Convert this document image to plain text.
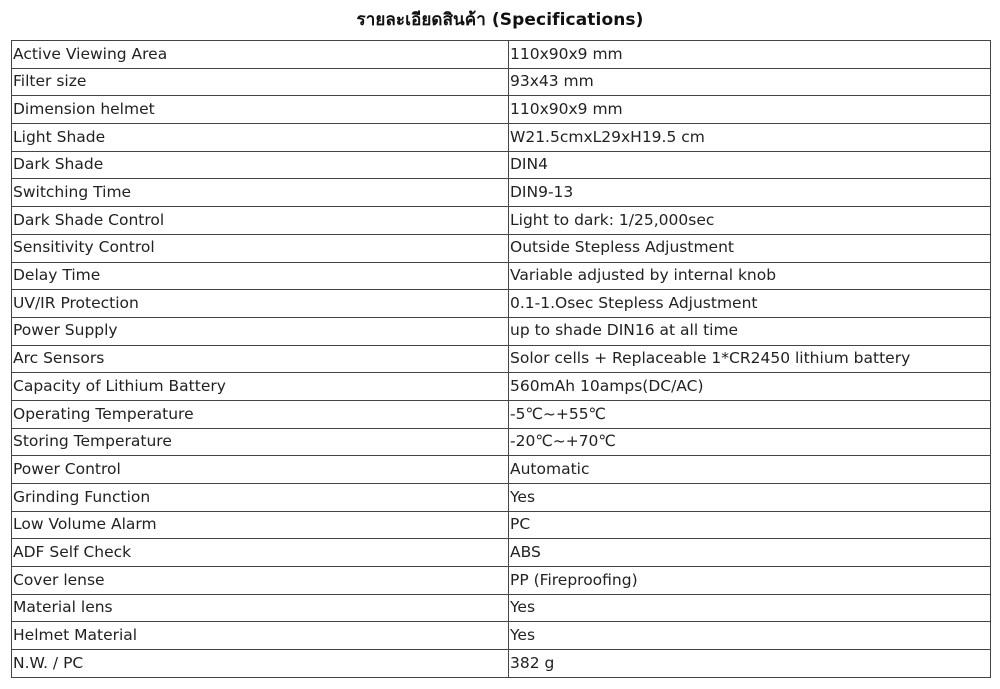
รายละเอียดสินค้า (Specifications)
Active Viewing Area	110x90x9 mm
Filter size	93x43 mm
Dimension helmet	110x90x9 mm
Light Shade	W21.5cmxL29xH19.5 cm
Dark Shade	DIN4
Switching Time	DIN9-13
Dark Shade Control	Light to dark: 1/25,000sec
Sensitivity Control	Outside Stepless Adjustment
Delay Time	Variable adjusted by internal knob
UV/IR Protection	0.1-1.Osec Stepless Adjustment
Power Supply	up to shade DIN16 at all time
Arc Sensors	Solor cells + Replaceable 1*CR2450 lithium battery
Capacity of Lithium Battery	560mAh 10amps(DC/AC)
Operating Temperature	-5℃~+55℃
Storing Temperature	-20℃~+70℃
Power Control	Automatic
Grinding Function	Yes
Low Volume Alarm	PC
ADF Self Check	ABS
Cover lense	PP (Fireproofing)
Material lens	Yes
Helmet Material	Yes
N.W. / PC	382 g
